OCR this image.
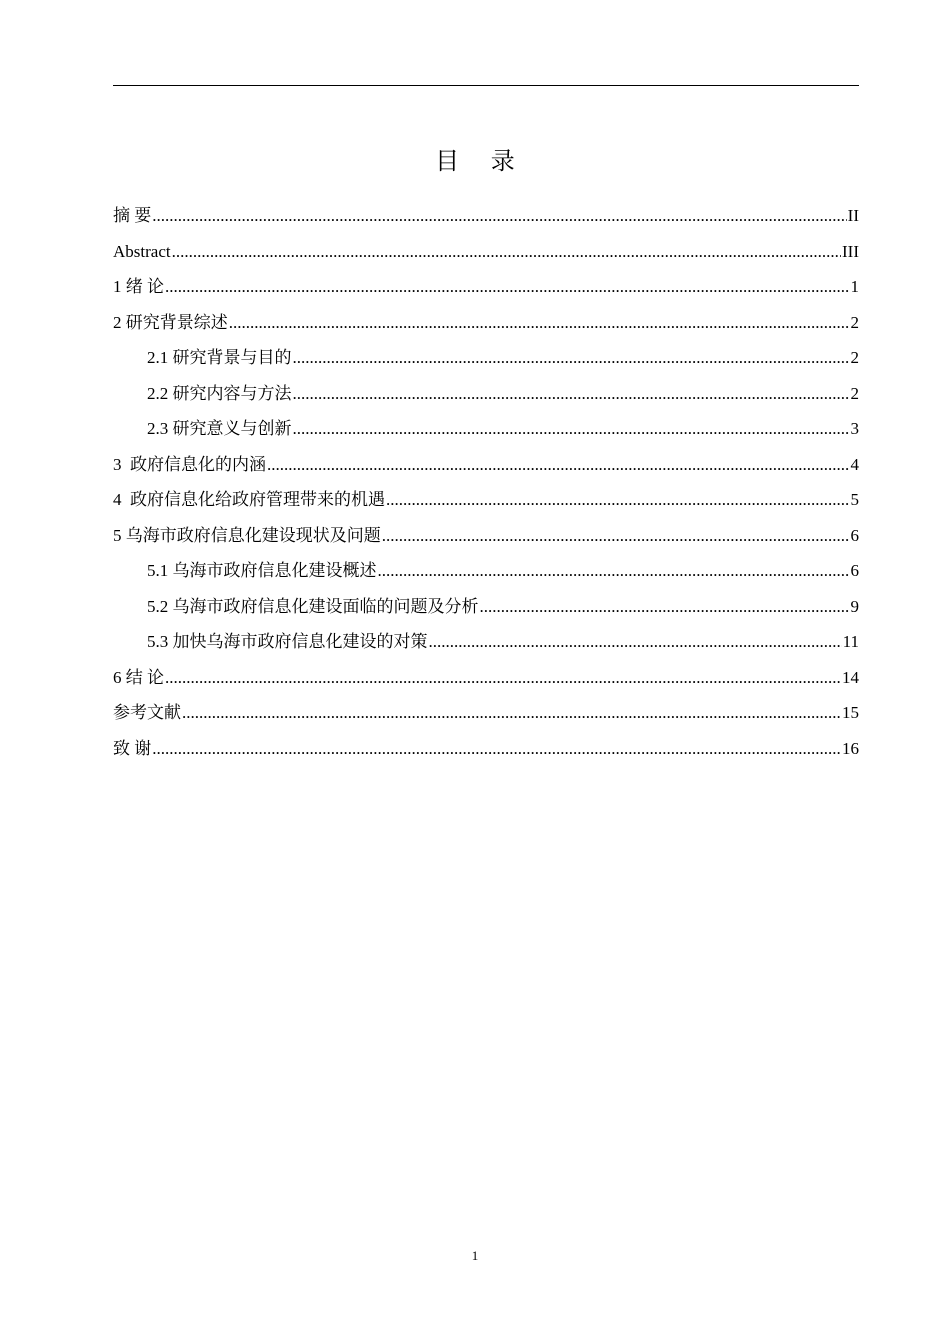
目 录
摘 要 .....	II
Abstract .....	III
1 绪 论 .....	1
2 研究背景综述 .....	2
2.1 研究背景与目的 .....	2
2.2 研究内容与方法 .....	2
2.3 研究意义与创新 .....	3
3  政府信息化的内涵 .....	4
4  政府信息化给政府管理带来的机遇 .....	5
5 乌海市政府信息化建设现状及问题 .....	6
5.1 乌海市政府信息化建设概述 .....	6
5.2 乌海市政府信息化建设面临的问题及分析 .....	9
5.3 加快乌海市政府信息化建设的对策 .....	11
6 结 论 .....	14
参考文献 .....	15
致 谢 .....	16
1
